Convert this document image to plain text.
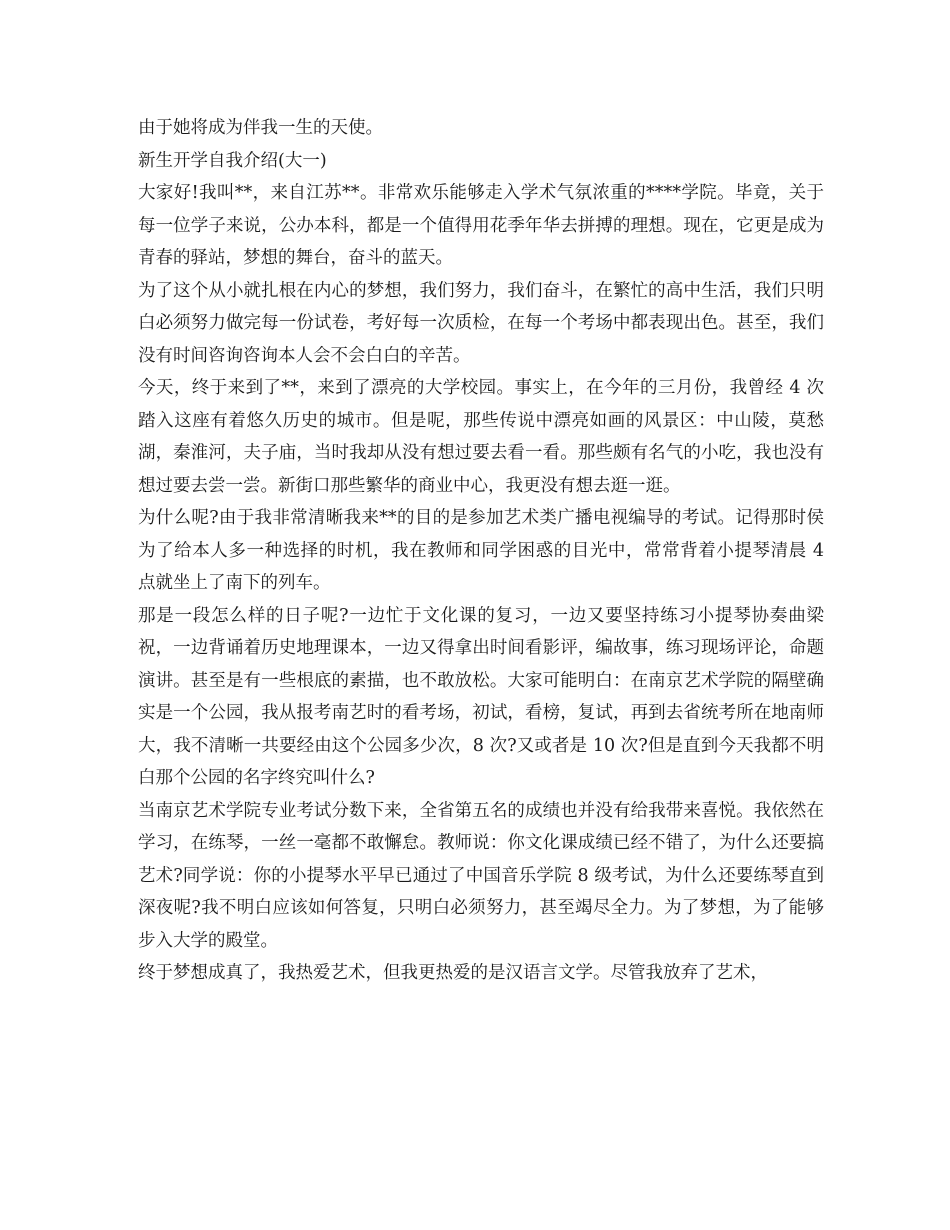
由于她将成为伴我一生的天使。

新生开学自我介绍(大一)

大家好!我叫**，来自江苏**。非常欢乐能够走入学术气氛浓重的****学院。毕竟，关于每一位学子来说，公办本科，都是一个值得用花季年华去拼搏的理想。现在，它更是成为青春的驿站，梦想的舞台，奋斗的蓝天。

为了这个从小就扎根在内心的梦想，我们努力，我们奋斗，在繁忙的高中生活，我们只明白必须努力做完每一份试卷，考好每一次质检，在每一个考场中都表现出色。甚至，我们没有时间咨询咨询本人会不会白白的辛苦。

今天，终于来到了**，来到了漂亮的大学校园。事实上，在今年的三月份，我曾经 4 次踏入这座有着悠久历史的城市。但是呢，那些传说中漂亮如画的风景区：中山陵，莫愁湖，秦淮河，夫子庙，当时我却从没有想过要去看一看。那些颇有名气的小吃，我也没有想过要去尝一尝。新街口那些繁华的商业中心，我更没有想去逛一逛。

为什么呢?由于我非常清晰我来**的目的是参加艺术类广播电视编导的考试。记得那时侯为了给本人多一种选择的时机，我在教师和同学困惑的目光中，常常背着小提琴清晨 4 点就坐上了南下的列车。

那是一段怎么样的日子呢?一边忙于文化课的复习，一边又要坚持练习小提琴协奏曲梁祝，一边背诵着历史地理课本，一边又得拿出时间看影评，编故事，练习现场评论，命题演讲。甚至是有一些根底的素描，也不敢放松。大家可能明白：在南京艺术学院的隔壁确实是一个公园，我从报考南艺时的看考场，初试，看榜，复试，再到去省统考所在地南师大，我不清晰一共要经由这个公园多少次，8 次?又或者是 10 次?但是直到今天我都不明白那个公园的名字终究叫什么?

当南京艺术学院专业考试分数下来，全省第五名的成绩也并没有给我带来喜悦。我依然在学习，在练琴，一丝一毫都不敢懈怠。教师说：你文化课成绩已经不错了，为什么还要搞艺术?同学说：你的小提琴水平早已通过了中国音乐学院 8 级考试，为什么还要练琴直到深夜呢?我不明白应该如何答复，只明白必须努力，甚至竭尽全力。为了梦想，为了能够步入大学的殿堂。

终于梦想成真了，我热爱艺术，但我更热爱的是汉语言文学。尽管我放弃了艺术，
